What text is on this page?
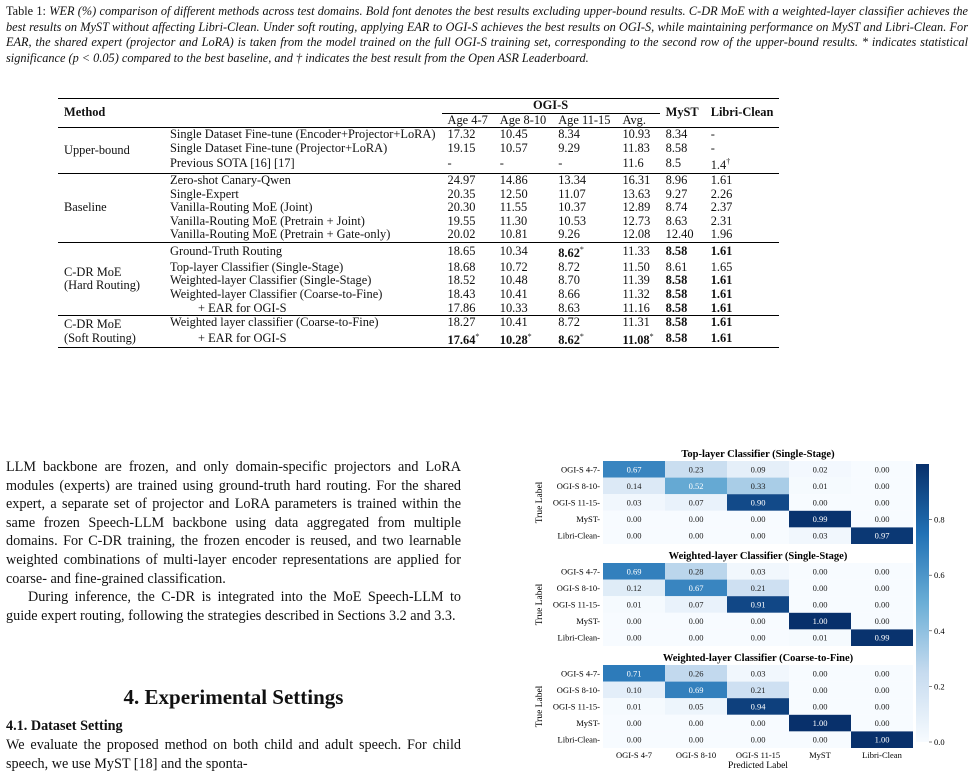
Table 1: WER (%) comparison of different methods across test domains. Bold font denotes the best results excluding upper-bound results. C-DR MoE with a weighted-layer classifier achieves the best results on MyST without affecting Libri-Clean. Under soft routing, applying EAR to OGI-S achieves the best results on OGI-S, while maintaining performance on MyST and Libri-Clean. For EAR, the shared expert (projector and LoRA) is taken from the model trained on the full OGI-S training set, corresponding to the second row of the upper-bound results. * indicates statistical significance (p < 0.05) compared to the best baseline, and † indicates the best result from the Open ASR Leaderboard.
Method		OGI-S				MyST	Libri-Clean
		Age 4-7	Age 8-10	Age 11-15	Avg.		

Upper-bound	Single Dataset Fine-tune (Encoder+Projector+LoRA)	17.32	10.45	8.34	10.93	8.34	-
	Single Dataset Fine-tune (Projector+LoRA)	19.15	10.57	9.29	11.83	8.58	-
	Previous SOTA [16] [17]	-	-	-	11.6	8.5	1.4†

Baseline	Zero-shot Canary-Qwen	24.97	14.86	13.34	16.31	8.96	1.61
	Single-Expert	20.35	12.50	11.07	13.63	9.27	2.26
	Vanilla-Routing MoE (Joint)	20.30	11.55	10.37	12.89	8.74	2.37
	Vanilla-Routing MoE (Pretrain + Joint)	19.55	11.30	10.53	12.73	8.63	2.31
	Vanilla-Routing MoE (Pretrain + Gate-only)	20.02	10.81	9.26	12.08	12.40	1.96

C-DR MoE
(Hard Routing)	Ground-Truth Routing	18.65	10.34	8.62*	11.33	8.58	1.61
	Top-layer Classifier (Single-Stage)	18.68	10.72	8.72	11.50	8.61	1.65
	Weighted-layer Classifier (Single-Stage)	18.52	10.48	8.70	11.39	8.58	1.61
	Weighted-layer Classifier (Coarse-to-Fine)	18.43	10.41	8.66	11.32	8.58	1.61
	+ EAR for OGI-S	17.86	10.33	8.63	11.16	8.58	1.61

C-DR MoE
(Soft Routing)	Weighted layer classifier (Coarse-to-Fine)	18.27	10.41	8.72	11.31	8.58	1.61
	+ EAR for OGI-S	17.64*	10.28*	8.62*	11.08*	8.58	1.61

LLM backbone are frozen, and only domain-specific projectors and LoRA modules (experts) are trained using ground-truth hard routing. For the shared expert, a separate set of projector and LoRA parameters is trained within the same frozen Speech-LLM backbone using data aggregated from multiple domains. For C-DR training, the frozen encoder is reused, and two learnable weighted combinations of multi-layer encoder representations are applied for coarse- and fine-grained classification.

During inference, the C-DR is integrated into the MoE Speech-LLM to guide expert routing, following the strategies described in Sections 3.2 and 3.3.

4. Experimental Settings
4.1. Dataset Setting
We evaluate the proposed method on both child and adult speech. For child speech, we use MyST [18] and the sponta-
Top-layer Classifier (Single-Stage)
0.67	0.23	0.09	0.02	0.00
0.14	0.52	0.33	0.01	0.00
0.03	0.07	0.90	0.00	0.00
0.00	0.00	0.00	0.99	0.00
0.00	0.00	0.00	0.03	0.97
OGI-S 4-7-
OGI-S 8-10-
OGI-S 11-15-
MyST-
Libri-Clean-
True Label
Weighted-layer Classifier (Single-Stage)
0.69	0.28	0.03	0.00	0.00
0.12	0.67	0.21	0.00	0.00
0.01	0.07	0.91	0.00	0.00
0.00	0.00	0.00	1.00	0.00
0.00	0.00	0.00	0.01	0.99
OGI-S 4-7-
OGI-S 8-10-
OGI-S 11-15-
MyST-
Libri-Clean-
True Label
Weighted-layer Classifier (Coarse-to-Fine)
0.71	0.26	0.03	0.00	0.00
0.10	0.69	0.21	0.00	0.00
0.01	0.05	0.94	0.00	0.00
0.00	0.00	0.00	1.00	0.00
0.00	0.00	0.00	0.00	1.00
OGI-S 4-7-
OGI-S 8-10-
OGI-S 11-15-
MyST-
Libri-Clean-
True Label
OGI-S 4-7	OGI-S 8-10 OGI-S 11-15	MyST	Libri-Clean
Predicted Label
0.0
0.2
0.4
0.6
0.8
